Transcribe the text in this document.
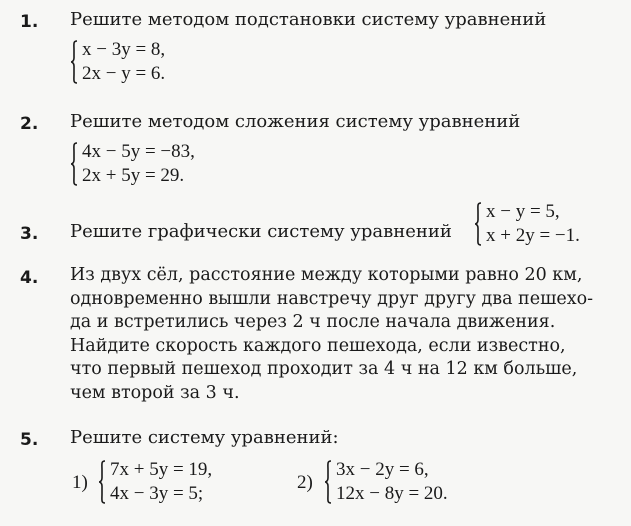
1. Решите методом подстановки систему уравнений
x − 3y = 8,
2x − y = 6.
2. Решите методом сложения систему уравнений
4x − 5y = −83,
2x + 5y = 29.
3. Решите графически систему уравнений
x − y = 5,
x + 2y = −1.
4. Из двух сёл, расстояние между которыми равно 20 км,
одновременно вышли навстречу друг другу два пешехо-
да и встретились через 2 ч после начала движения.
Найдите скорость каждого пешехода, если известно,
что первый пешеход проходит за 4 ч на 12 км больше,
чем второй за 3 ч.
5. Решите систему уравнений:
1)
7x + 5y = 19,
4x − 3y = 5;
2)
3x − 2y = 6,
12x − 8y = 20.
